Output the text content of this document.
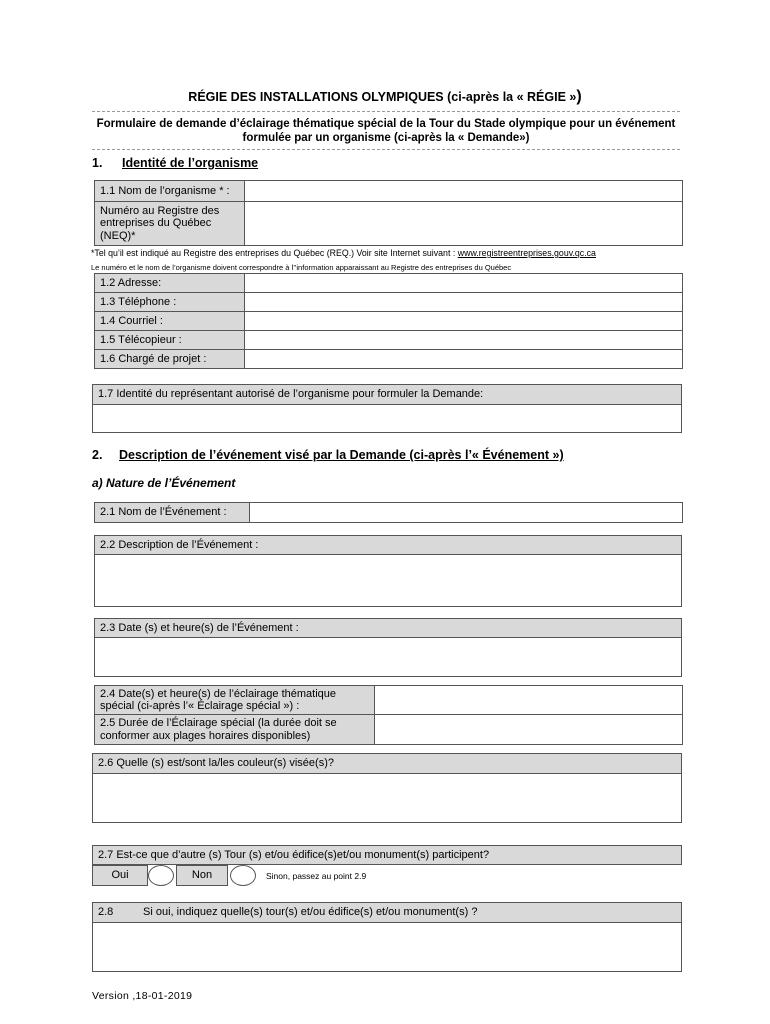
RÉGIE DES INSTALLATIONS OLYMPIQUES (ci-après la « RÉGIE »)
Formulaire de demande d’éclairage thématique spécial de la Tour du Stade olympique pour un événement
formulée par un organisme (ci-après la « Demande»)
1. Identité de l’organisme
1.1 Nom de l’organisme * :	
Numéro au Registre des entreprises du Québec (NEQ)*	
*Tel qu’il est indiqué au Registre des entreprises du Québec (REQ.) Voir site Internet suivant : www.registreentreprises.gouv.qc.ca
Le numéro et le nom de l’organisme doivent correspondre à l’’information apparaissant au Registre des entreprises du Québec
1.2 Adresse:	
1.3 Téléphone :	
1.4 Courriel :	
1.5 Télécopieur :	
1.6 Chargé de projet :	
1.7 Identité du représentant autorisé de l’organisme pour formuler la Demande:

2. Description de l’événement visé par la Demande (ci-après l’« Événement »)
a) Nature de l’Événement
2.1 Nom de l’Événement :	
2.2 Description de l’Événement :

2.3 Date (s) et heure(s) de l’Événement :

2.4 Date(s) et heure(s) de l’éclairage thématique spécial (ci-après l’« Éclairage spécial ») :	
2.5 Durée de l’Éclairage spécial (la durée doit se conformer aux plages horaires disponibles)	
2.6 Quelle (s) est/sont la/les couleur(s) visée(s)?

2.7 Est-ce que d’autre (s) Tour (s) et/ou édifice(s)et/ou monument(s) participent?
Oui	Non	Sinon, passez au point 2.9
2.8	Si oui, indiquez quelle(s) tour(s) et/ou édifice(s) et/ou monument(s) ?

Version ,18-01-2019
